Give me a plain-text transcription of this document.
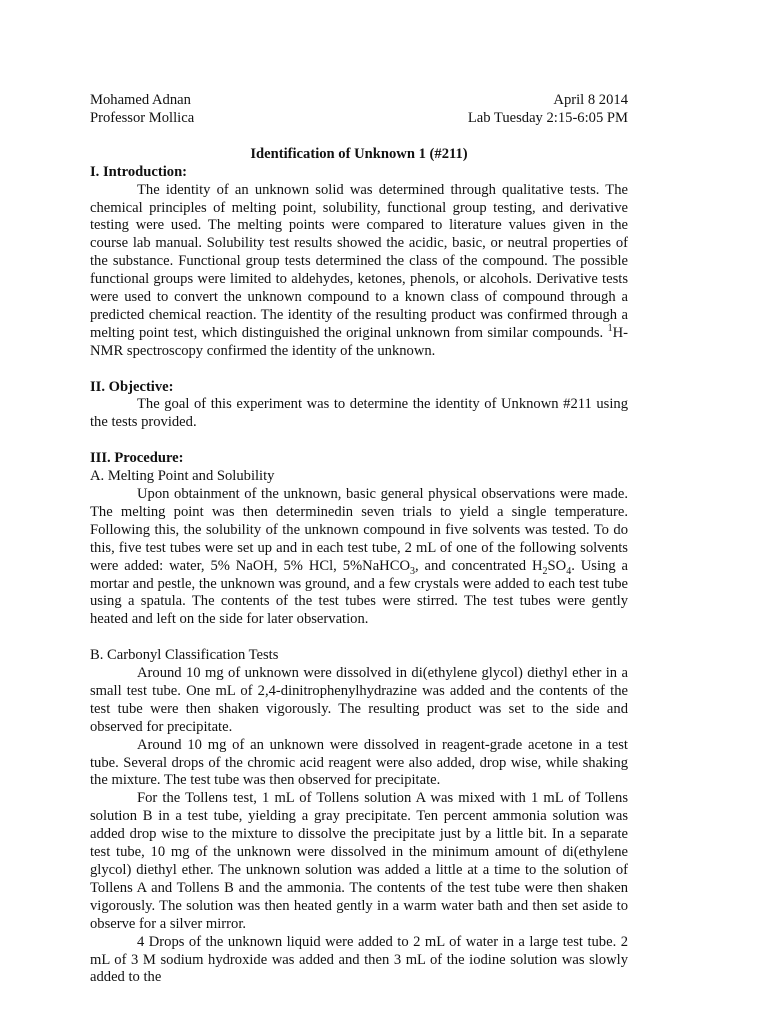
Mohamed Adnan	April 8 2014
Professor Mollica	Lab Tuesday 2:15-6:05 PM
Identification of Unknown 1 (#211)
I. Introduction:
The identity of an unknown solid was determined through qualitative tests. The chemical principles of melting point, solubility, functional group testing, and derivative testing were used. The melting points were compared to literature values given in the course lab manual. Solubility test results showed the acidic, basic, or neutral properties of the substance. Functional group tests determined the class of the compound. The possible functional groups were limited to aldehydes, ketones, phenols, or alcohols. Derivative tests were used to convert the unknown compound to a known class of compound through a predicted chemical reaction. The identity of the resulting product was confirmed through a melting point test, which distinguished the original unknown from similar compounds. $^1$H-NMR spectroscopy confirmed the identity of the unknown.
II. Objective:
The goal of this experiment was to determine the identity of Unknown #211 using the tests provided.
III. Procedure:
A. Melting Point and Solubility
Upon obtainment of the unknown, basic general physical observations were made. The melting point was then determinedin seven trials to yield a single temperature. Following this, the solubility of the unknown compound in five solvents was tested. To do this, five test tubes were set up and in each test tube, 2 mL of one of the following solvents were added: water, 5% NaOH, 5% HCl, 5%NaHCO$_3$, and concentrated $H_2SO_4$. Using a mortar and pestle, the unknown was ground, and a few crystals were added to each test tube using a spatula. The contents of the test tubes were stirred. The test tubes were gently heated and left on the side for later observation.
B. Carbonyl Classification Tests
Around 10 mg of unknown were dissolved in di(ethylene glycol) diethyl ether in a small test tube. One mL of 2,4-dinitrophenylhydrazine was added and the contents of the test tube were then shaken vigorously. The resulting product was set to the side and observed for precipitate.
Around 10 mg of an unknown were dissolved in reagent-grade acetone in a test tube. Several drops of the chromic acid reagent were also added, drop wise, while shaking the mixture. The test tube was then observed for precipitate.
For the Tollens test, 1 mL of Tollens solution A was mixed with 1 mL of Tollens solution B in a test tube, yielding a gray precipitate. Ten percent ammonia solution was added drop wise to the mixture to dissolve the precipitate just by a little bit. In a separate test tube, 10 mg of the unknown were dissolved in the minimum amount of di(ethylene glycol) diethyl ether. The unknown solution was added a little at a time to the solution of Tollens A and Tollens B and the ammonia. The contents of the test tube were then shaken vigorously. The solution was then heated gently in a warm water bath and then set aside to observe for a silver mirror.
4 Drops of the unknown liquid were added to 2 mL of water in a large test tube. 2 mL of 3 M sodium hydroxide was added and then 3 mL of the iodine solution was slowly added to the
